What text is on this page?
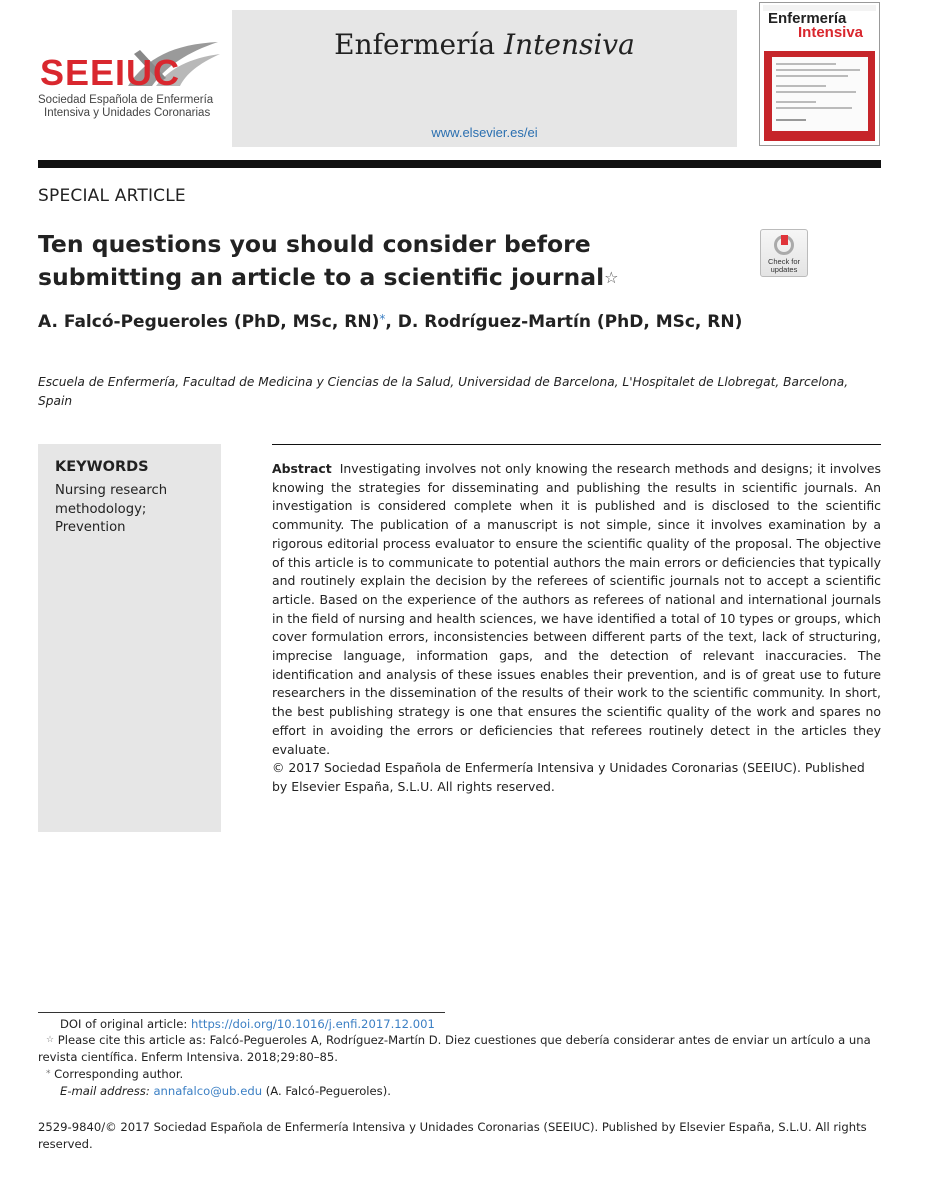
SEEIUC
Sociedad Española de Enfermería
Intensiva y Unidades Coronarias
Enfermería Intensiva
www.elsevier.es/ei
Enfermería
Intensiva
SPECIAL ARTICLE
Ten questions you should consider before submitting an article to a scientific journal☆
Check for updates
A. Falcó-Pegueroles (PhD, MSc, RN)*, D. Rodríguez-Martín (PhD, MSc, RN)
Escuela de Enfermería, Facultad de Medicina y Ciencias de la Salud, Universidad de Barcelona, L'Hospitalet de Llobregat, Barcelona, Spain
KEYWORDS
Nursing research
methodology;
Prevention
Abstract Investigating involves not only knowing the research methods and designs; it involves knowing the strategies for disseminating and publishing the results in scientific journals. An investigation is considered complete when it is published and is disclosed to the scientific community. The publication of a manuscript is not simple, since it involves examination by a rigorous editorial process evaluator to ensure the scientific quality of the proposal. The objective of this article is to communicate to potential authors the main errors or deficiencies that typically and routinely explain the decision by the referees of scientific journals not to accept a scientific article. Based on the experience of the authors as referees of national and international journals in the field of nursing and health sciences, we have identified a total of 10 types or groups, which cover formulation errors, inconsistencies between different parts of the text, lack of structuring, imprecise language, information gaps, and the detection of relevant inaccuracies. The identification and analysis of these issues enables their prevention, and is of great use to future researchers in the dissemination of the results of their work to the scientific community. In short, the best publishing strategy is one that ensures the scientific quality of the work and spares no effort in avoiding the errors or deficiencies that referees routinely detect in the articles they evaluate.
© 2017 Sociedad Española de Enfermería Intensiva y Unidades Coronarias (SEEIUC). Published by Elsevier España, S.L.U. All rights reserved.
DOI of original article: https://doi.org/10.1016/j.enfi.2017.12.001
☆ Please cite this article as: Falcó-Pegueroles A, Rodríguez-Martín D. Diez cuestiones que debería considerar antes de enviar un artículo a una revista científica. Enferm Intensiva. 2018;29:80–85.
* Corresponding author.
E-mail address: annafalco@ub.edu (A. Falcó-Pegueroles).
2529-9840/© 2017 Sociedad Española de Enfermería Intensiva y Unidades Coronarias (SEEIUC). Published by Elsevier España, S.L.U. All rights reserved.
